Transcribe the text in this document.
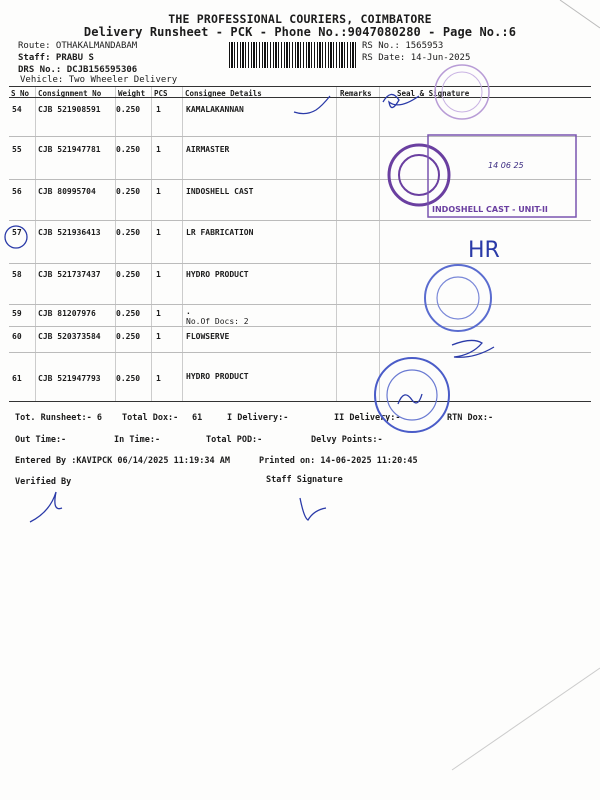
THE PROFESSIONAL COURIERS, COIMBATORE
Delivery Runsheet - PCK - Phone No.:9047080280 - Page No.:6
Route: OTHAKALMANDABAM
Staff: PRABU S
DRS No.: DCJB156595306
Vehicle: Two Wheeler Delivery
RS No.: 1565953
RS Date: 14-Jun-2025
S No Consignment No Weight PCS Consignee Details	Remarks	Seal & Signature
54 CJB 521908591 0.250 1	KAMALAKANNAN
55 CJB 521947781 0.250 1	AIRMASTER
56 CJB 80995704	0.250 1	INDOSHELL CAST
57 CJB 521936413 0.250 1	LR FABRICATION
58 CJB 521737437 0.250 1	HYDRO PRODUCT
59 CJB 81207976	0.250 1	.
No.Of Docs: 2
60 CJB 520373584 0.250 1	FLOWSERVE
61 CJB 521947793 0.250 1	HYDRO PRODUCT
Tot. Runsheet:- 6 Total Dox:- 61	I Delivery:-	II Delivery:-	RTN Dox:-
Out Time:-	In Time:-	Total POD:-	Delvy Points:-
Entered By :KAVIPCK 06/14/2025 11:19:34 AM	Printed on: 14-06-2025 11:20:45
Verified By	Staff Signature
14 06 25
INDOSHELL CAST - UNIT-II
HR
